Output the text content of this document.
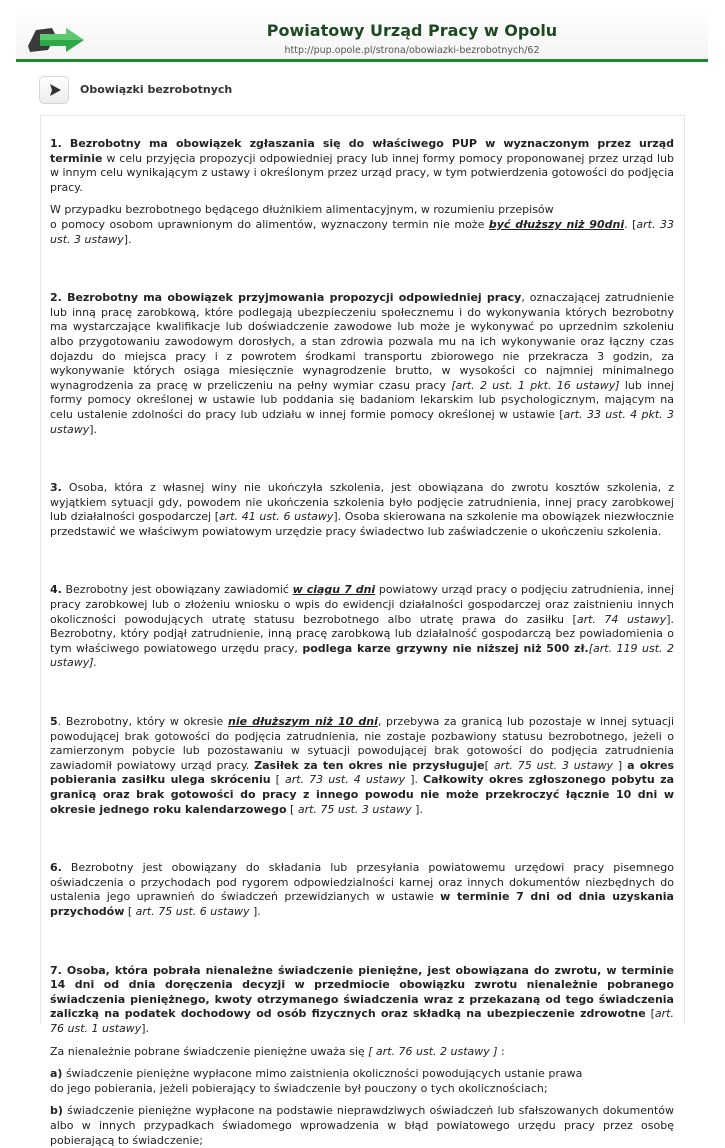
Powiatowy Urząd Pracy w Opolu
http://pup.opole.pl/strona/obowiazki-bezrobotnych/62
Obowiązki bezrobotnych

1. Bezrobotny ma obowiązek zgłaszania się do właściwego PUP w wyznaczonym przez urząd terminie w celu przyjęcia propozycji odpowiedniej pracy lub innej formy pomocy proponowanej przez urząd lub w innym celu wynikającym z ustawy i określonym przez urząd pracy, w tym potwierdzenia gotowości do podjęcia pracy.

W przypadku bezrobotnego będącego dłużnikiem alimentacyjnym, w rozumieniu przepisów
o pomocy osobom uprawnionym do alimentów, wyznaczony termin nie może być dłuższy niż 90dni. [art. 33 ust. 3 ustawy].

2. Bezrobotny ma obowiązek przyjmowania propozycji odpowiedniej pracy, oznaczającej zatrudnienie lub inną pracę zarobkową, które podlegają ubezpieczeniu społecznemu i do wykonywania których bezrobotny ma wystarczające kwalifikacje lub doświadczenie zawodowe lub może je wykonywać po uprzednim szkoleniu albo przygotowaniu zawodowym dorosłych, a stan zdrowia pozwala mu na ich wykonywanie oraz łączny czas dojazdu do miejsca pracy i z powrotem środkami transportu zbiorowego nie przekracza 3 godzin, za wykonywanie których osiąga miesięcznie wynagrodzenie brutto, w wysokości co najmniej minimalnego wynagrodzenia za pracę w przeliczeniu na pełny wymiar czasu pracy [art. 2 ust. 1 pkt. 16 ustawy] lub innej formy pomocy określonej w ustawie lub poddania się badaniom lekarskim lub psychologicznym, mającym na celu ustalenie zdolności do pracy lub udziału w innej formie pomocy określonej w ustawie [art. 33 ust. 4 pkt. 3 ustawy].

3. Osoba, która z własnej winy nie ukończyła szkolenia, jest obowiązana do zwrotu kosztów szkolenia, z wyjątkiem sytuacji gdy, powodem nie ukończenia szkolenia było podjęcie zatrudnienia, innej pracy zarobkowej lub działalności gospodarczej [art. 41 ust. 6 ustawy]. Osoba skierowana na szkolenie ma obowiązek niezwłocznie przedstawić we właściwym powiatowym urzędzie pracy świadectwo lub zaświadczenie o ukończeniu szkolenia.

4. Bezrobotny jest obowiązany zawiadomić w ciągu 7 dni powiatowy urząd pracy o podjęciu zatrudnienia, innej pracy zarobkowej lub o złożeniu wniosku o wpis do ewidencji działalności gospodarczej oraz zaistnieniu innych okoliczności powodujących utratę statusu bezrobotnego albo utratę prawa do zasiłku [art. 74 ustawy]. Bezrobotny, który podjął zatrudnienie, inną pracę zarobkową lub działalność gospodarczą bez powiadomienia o tym właściwego powiatowego urzędu pracy, podlega karze grzywny nie niższej niż 500 zł.[art. 119 ust. 2 ustawy].

5. Bezrobotny, który w okresie nie dłuższym niż 10 dni, przebywa za granicą lub pozostaje w innej sytuacji powodującej brak gotowości do podjęcia zatrudnienia, nie zostaje pozbawiony statusu bezrobotnego, jeżeli o zamierzonym pobycie lub pozostawaniu w sytuacji powodującej brak gotowości do podjęcia zatrudnienia zawiadomił powiatowy urząd pracy. Zasiłek za ten okres nie przysługuje[ art. 75 ust. 3 ustawy ] a okres pobierania zasiłku ulega skróceniu [ art. 73 ust. 4 ustawy ]. Całkowity okres zgłoszonego pobytu za granicą oraz brak gotowości do pracy z innego powodu nie może przekroczyć łącznie 10 dni w okresie jednego roku kalendarzowego [ art. 75 ust. 3 ustawy ].

6. Bezrobotny jest obowiązany do składania lub przesyłania powiatowemu urzędowi pracy pisemnego oświadczenia o przychodach pod rygorem odpowiedzialności karnej oraz innych dokumentów niezbędnych do ustalenia jego uprawnień do świadczeń przewidzianych w ustawie w terminie 7 dni od dnia uzyskania przychodów [ art. 75 ust. 6 ustawy ].

7. Osoba, która pobrała nienależne świadczenie pieniężne, jest obowiązana do zwrotu, w terminie 14 dni od dnia doręczenia decyzji w przedmiocie obowiązku zwrotu nienależnie pobranego świadczenia pieniężnego, kwoty otrzymanego świadczenia wraz z przekazaną od tego świadczenia zaliczką na podatek dochodowy od osób fizycznych oraz składką na ubezpieczenie zdrowotne [art. 76 ust. 1 ustawy].

Za nienależnie pobrane świadczenie pieniężne uważa się [ art. 76 ust. 2 ustawy ] :

a) świadczenie pieniężne wypłacone mimo zaistnienia okoliczności powodujących ustanie prawa
do jego pobierania, jeżeli pobierający to świadczenie był pouczony o tych okolicznościach;

b) świadczenie pieniężne wypłacone na podstawie nieprawdziwych oświadczeń lub sfałszowanych dokumentów albo w innych przypadkach świadomego wprowadzenia w błąd powiatowego urzędu pracy przez osobę pobierającą to świadczenie;
